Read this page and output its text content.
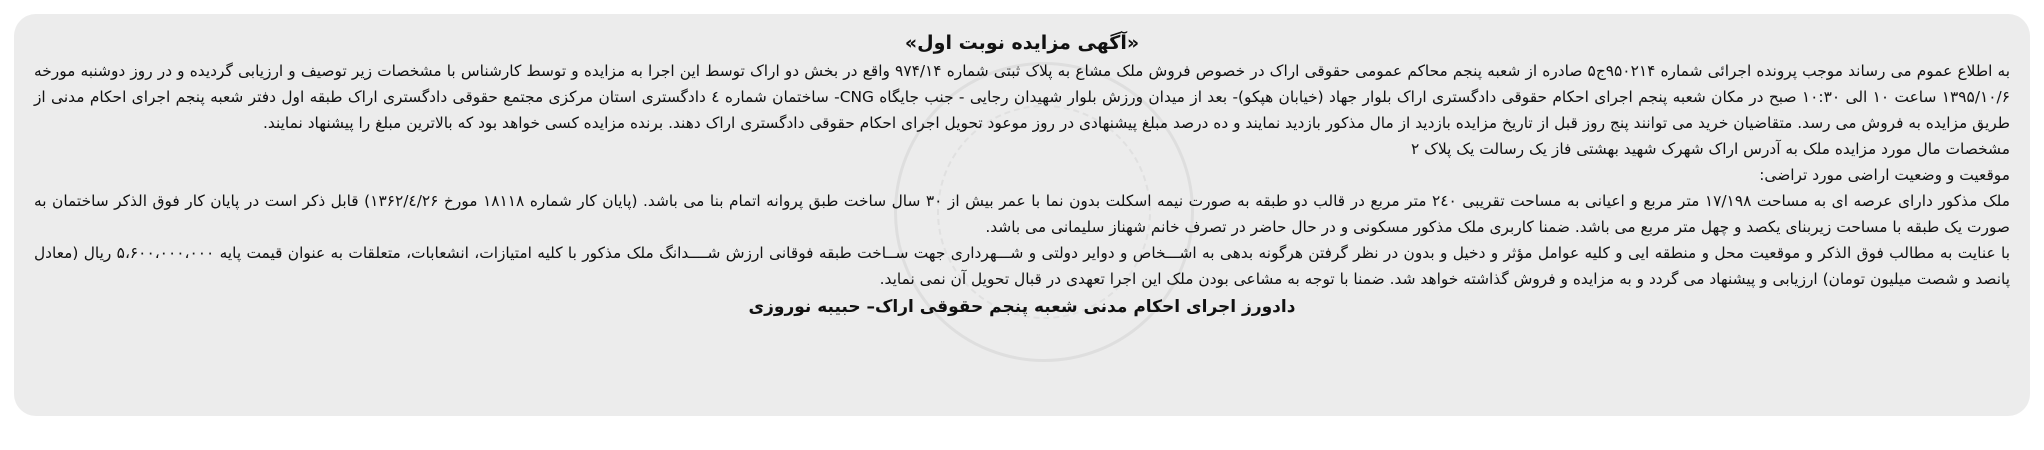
«آگهی مزایده نوبت اول»

به اطلاع عموم می رساند موجب پرونده اجرائی شماره ۹۵۰۲۱۴ج۵ صادره از شعبه پنجم محاکم عمومی حقوقی اراک در خصوص فروش ملک مشاع به پلاک ثبتی شماره ۹۷۴/۱۴ واقع در بخش دو اراک توسط این اجرا به مزایده و توسط کارشناس با مشخصات زیر توصیف و ارزیابی گردیده و در روز دوشنبه مورخه ۱۳۹۵/۱۰/۶ ساعت ۱۰ الی ۱۰:۳۰ صبح در مکان شعبه پنجم اجرای احکام حقوقی دادگستری اراک بلوار جهاد (خیابان هپکو)- بعد از میدان ورزش بلوار شهیدان رجایی - جنب جایگاه CNG- ساختمان شماره ٤ دادگستری استان مرکزی مجتمع حقوقی دادگستری اراک طبقه اول دفتر شعبه پنجم اجرای احکام مدنی از طریق مزایده به فروش می رسد. متقاضیان خرید می توانند پنج روز قبل از تاریخ مزایده بازدید از مال مذکور بازدید نمایند و ده درصد مبلغ پیشنهادی در روز موعود تحویل اجرای احکام حقوقی دادگستری اراک دهند. برنده مزایده کسی خواهد بود که بالاترین مبلغ را پیشنهاد نمایند.

مشخصات مال مورد مزایده ملک به آدرس اراک شهرک شهید بهشتی فاز یک رسالت یک پلاک ۲

موقعیت و وضعیت اراضی مورد تراضی:

ملک مذکور دارای عرصه ای به مساحت ۱۷/۱۹۸ متر مربع و اعیانی به مساحت تقریبی ۲٤۰ متر مربع در قالب دو طبقه به صورت نیمه اسکلت بدون نما با عمر بیش از ۳۰ سال ساخت طبق پروانه اتمام بنا می باشد. (پایان کار شماره ۱۸۱۱۸ مورخ ۱۳۶۲/٤/۲۶) قابل ذکر است در پایان کار فوق الذکر ساختمان به صورت یک طبقه با مساحت زیربنای یکصد و چهل متر مربع می باشد. ضمنا کاربری ملک مذکور مسکونی و در حال حاضر در تصرف خانم شهناز سلیمانی می باشد.

با عنایت به مطالب فوق الذکر و موقعیت محل و منطقه ایی و کلیه عوامل مؤثر و دخیل و بدون در نظر گرفتن هرگونه بدهی به اشـــخاص و دوایر دولتی و شـــهرداری جهت ســاخت طبقه فوقانی ارزش شــــدانگ ملک مذکور با کلیه امتیازات، انشعابات، متعلقات به عنوان قیمت پایه ۵،۶۰۰،۰۰۰،۰۰۰ ریال (معادل پانصد و شصت میلیون تومان) ارزیابی و پیشنهاد می گردد و به مزایده و فروش گذاشته خواهد شد. ضمنا با توجه به مشاعی بودن ملک این اجرا تعهدی در قبال تحویل آن نمی نماید.

دادورز اجرای احکام مدنی شعبه پنجم حقوقی اراک– حبیبه نوروزی
